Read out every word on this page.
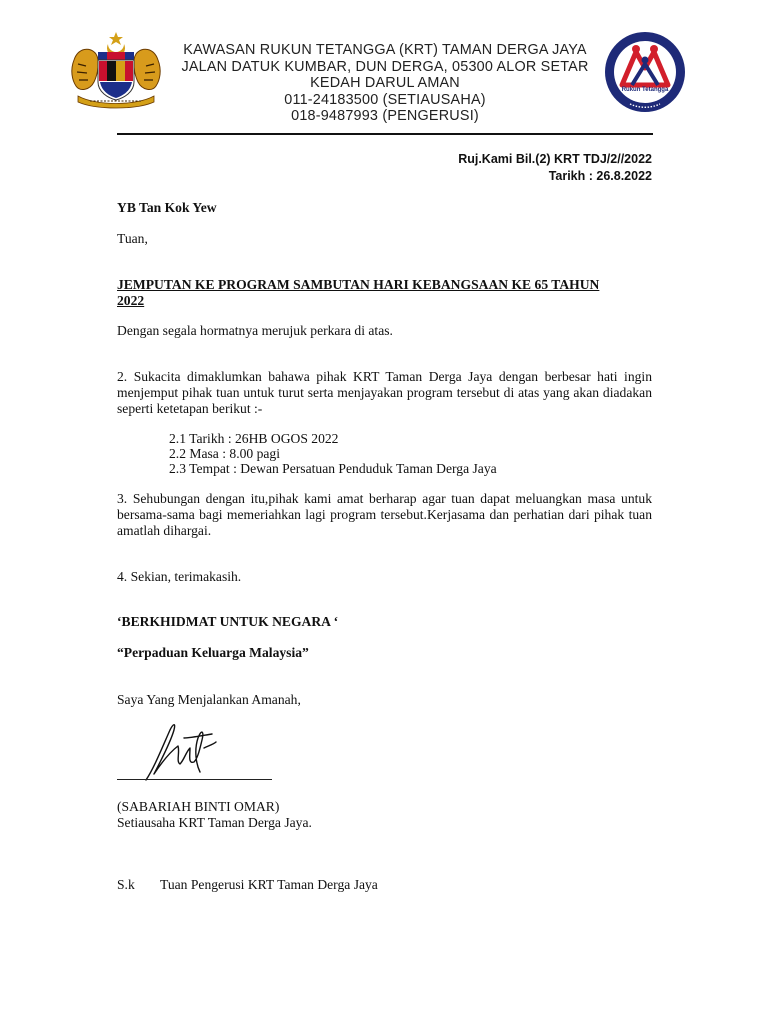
KAWASAN RUKUN TETANGGA (KRT) TAMAN DERGA JAYA
JALAN DATUK KUMBAR, DUN DERGA, 05300 ALOR SETAR
KEDAH DARUL AMAN
011-24183500 (SETIAUSAHA)
018-9487993 (PENGERUSI)
Rukun Tetangga
Ruj.Kami Bil.(2) KRT TDJ/2//2022
Tarikh : 26.8.2022
YB Tan Kok Yew
Tuan,
JEMPUTAN KE PROGRAM SAMBUTAN HARI KEBANGSAAN KE 65 TAHUN
2022
Dengan segala hormatnya merujuk perkara di atas.
2. Sukacita dimaklumkan bahawa pihak KRT Taman Derga Jaya dengan berbesar hati ingin menjemput pihak tuan untuk turut serta menjayakan program tersebut di atas yang akan diadakan seperti ketetapan berikut :-
2.1 Tarikh : 26HB OGOS 2022
2.2 Masa : 8.00 pagi
2.3 Tempat : Dewan Persatuan Penduduk Taman Derga Jaya
3. Sehubungan dengan itu,pihak kami amat berharap agar tuan dapat meluangkan masa untuk bersama-sama bagi memeriahkan lagi program tersebut.Kerjasama dan perhatian dari pihak tuan amatlah dihargai.
4. Sekian, terimakasih.
‘BERKHIDMAT UNTUK NEGARA ‘
“Perpaduan Keluarga Malaysia”
Saya Yang Menjalankan Amanah,
(SABARIAH BINTI OMAR)
Setiausaha KRT Taman Derga Jaya.
S.k	Tuan Pengerusi KRT Taman Derga Jaya
